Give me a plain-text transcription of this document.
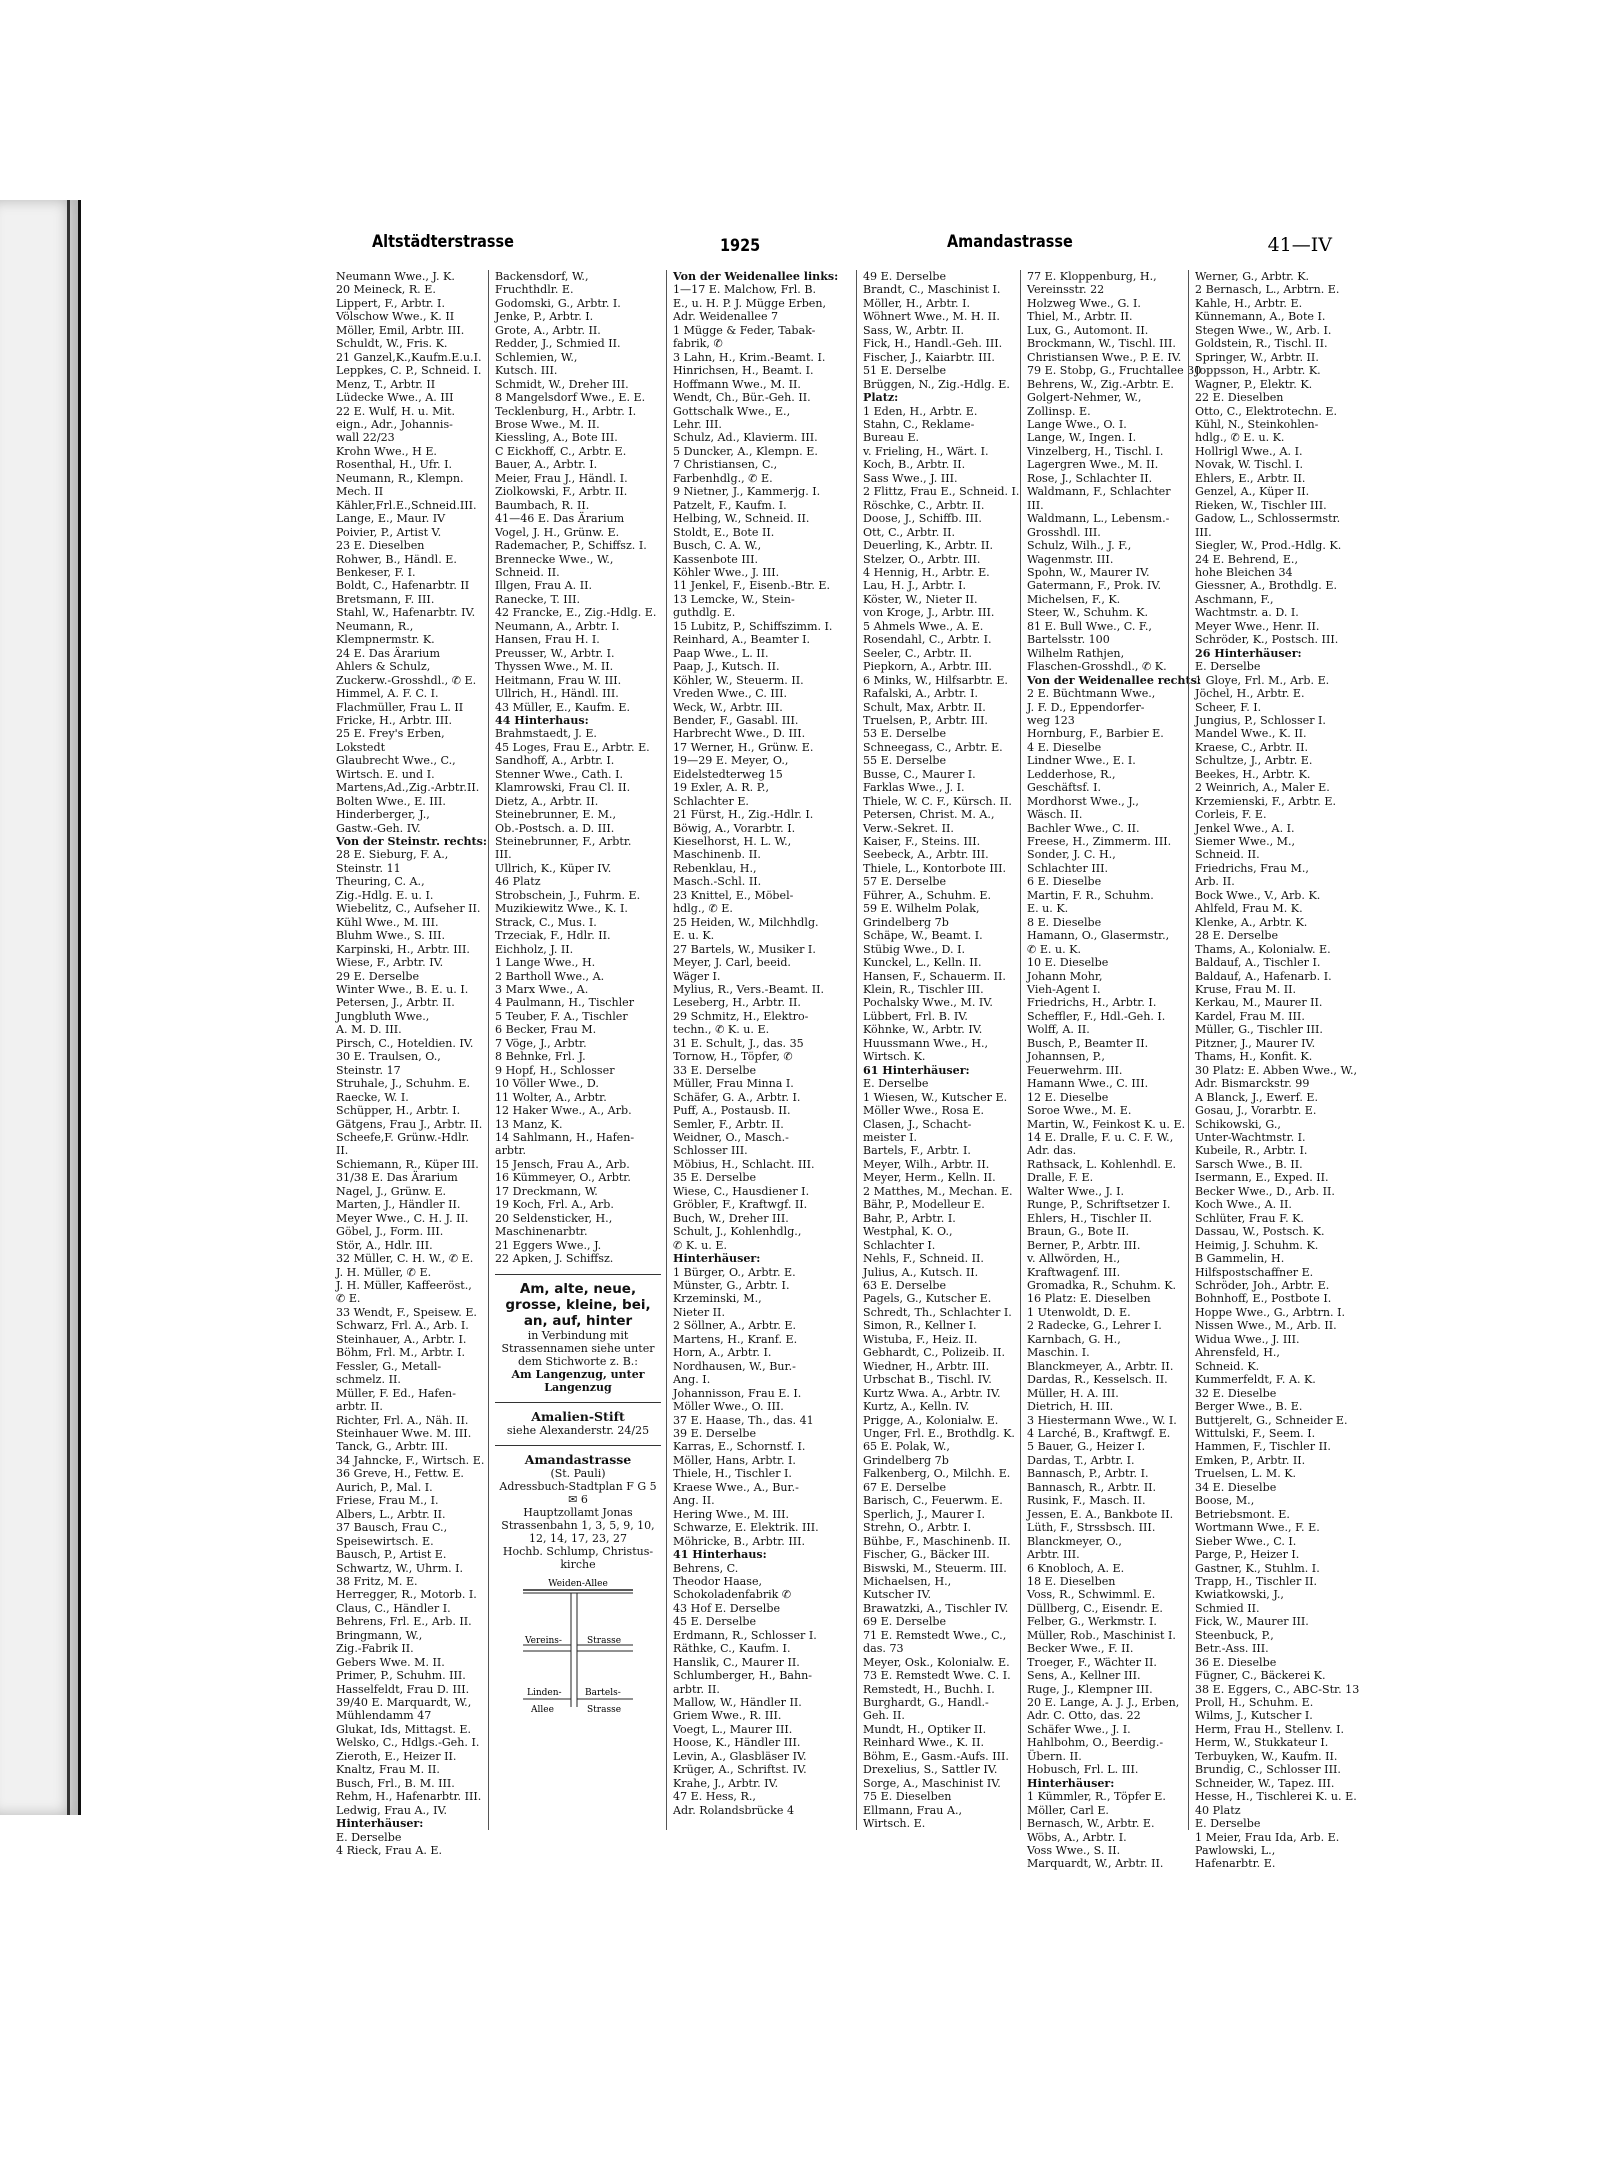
Altstädterstrasse	1925	Amandastrasse	41—IV
Neumann Wwe., J. K.
20 Meineck, R. E.
Lippert, F., Arbtr. I.
Völschow Wwe., K. II
Möller, Emil, Arbtr. III.
Schuldt, W., Fris. K.
21 Ganzel,K.,Kaufm.E.u.I.
Leppkes, C. P., Schneid. I.
Menz, T., Arbtr. II
Lüdecke Wwe., A. III
22 E. Wulf, H. u. Mit.
eign., Adr., Johannis-
wall 22/23
Krohn Wwe., H E.
Rosenthal, H., Ufr. I.
Neumann, R., Klempn.
Mech. II
Kähler,Frl.E.,Schneid.III.
Lange, E., Maur. IV
Poivier, P., Artist V.
23 E. Dieselben
Rohwer, B., Händl. E.
Benkeser, F. I.
Boldt, C., Hafenarbtr. II
Bretsmann, F. III.
Stahl, W., Hafenarbtr. IV.
Neumann, R.,
Klempnermstr. K.
24 E. Das Ärarium
Ahlers & Schulz,
Zuckerw.-Grosshdl., ✆ E.
Himmel, A. F. C. I.
Flachmüller, Frau L. II
Fricke, H., Arbtr. III.
25 E. Frey's Erben,
Lokstedt
Glaubrecht Wwe., C.,
Wirtsch. E. und I.
Martens,Ad.,Zig.-Arbtr.II.
Bolten Wwe., E. III.
Hinderberger, J.,
Gastw.-Geh. IV.
Von der Steinstr. rechts:
28 E. Sieburg, F. A.,
Steinstr. 11
Theuring, C. A.,
Zig.-Hdlg. E. u. I.
Wiebelitz, C., Aufseher II.
Kühl Wwe., M. III.
Bluhm Wwe., S. III.
Karpinski, H., Arbtr. III.
Wiese, F., Arbtr. IV.
29 E. Derselbe
Winter Wwe., B. E. u. I.
Petersen, J., Arbtr. II.
Jungbluth Wwe.,
A. M. D. III.
Pirsch, C., Hoteldien. IV.
30 E. Traulsen, O.,
Steinstr. 17
Struhale, J., Schuhm. E.
Raecke, W. I.
Schüpper, H., Arbtr. I.
Gätgens, Frau J., Arbtr. II.
Scheefe,F. Grünw.-Hdlr.
II.
Schiemann, R., Küper III.
31/38 E. Das Ärarium
Nagel, J., Grünw. E.
Marten, J., Händler II.
Meyer Wwe., C. H. J. II.
Göbel, J., Form. III.
Stör, A., Hdlr. III.
32 Müller, C. H. W., ✆ E.
J. H. Müller, ✆ E.
J. H. Müller, Kaffeeröst.,
✆ E.
33 Wendt, F., Speisew. E.
Schwarz, Frl. A., Arb. I.
Steinhauer, A., Arbtr. I.
Böhm, Frl. M., Arbtr. I.
Fessler, G., Metall-
schmelz. II.
Müller, F. Ed., Hafen-
arbtr. II.
Richter, Frl. A., Näh. II.
Steinhauer Wwe. M. III.
Tanck, G., Arbtr. III.
34 Jahncke, F., Wirtsch. E.
36 Greve, H., Fettw. E.
Aurich, P., Mal. I.
Friese, Frau M., I.
Albers, L., Arbtr. II.
37 Bausch, Frau C.,
Speisewirtsch. E.
Bausch, P., Artist E.
Schwartz, W., Uhrm. I.
38 Fritz, M. E.
Herregger, R., Motorb. I.
Claus, C., Händler I.
Behrens, Frl. E., Arb. II.
Bringmann, W.,
Zig.-Fabrik II.
Gebers Wwe. M. II.
Primer, P., Schuhm. III.
Hasselfeldt, Frau D. III.
39/40 E. Marquardt, W.,
Mühlendamm 47
Glukat, Ids, Mittagst. E.
Welsko, C., Hdlgs.-Geh. I.
Zieroth, E., Heizer II.
Knaltz, Frau M. II.
Busch, Frl., B. M. III.
Rehm, H., Hafenarbtr. III.
Ledwig, Frau A., IV.
Hinterhäuser:
E. Derselbe
4 Rieck, Frau A. E.
Backensdorf, W.,
Fruchthdlr. E.
Godomski, G., Arbtr. I.
Jenke, P., Arbtr. I.
Grote, A., Arbtr. II.
Redder, J., Schmied II.
Schlemien, W.,
Kutsch. III.
Schmidt, W., Dreher III.
8 Mangelsdorf Wwe., E. E.
Tecklenburg, H., Arbtr. I.
Brose Wwe., M. II.
Kiessling, A., Bote III.
C Eickhoff, C., Arbtr. E.
Bauer, A., Arbtr. I.
Meier, Frau J., Händl. I.
Ziolkowski, F., Arbtr. II.
Baumbach, R. II.
41—46 E. Das Ärarium
Vogel, J. H., Grünw. E.
Rademacher, P., Schiffsz. I.
Brennecke Wwe., W.,
Schneid. II.
Illgen, Frau A. II.
Ranecke, T. III.
42 Francke, E., Zig.-Hdlg. E.
Neumann, A., Arbtr. I.
Hansen, Frau H. I.
Preusser, W., Arbtr. I.
Thyssen Wwe., M. II.
Heitmann, Frau W. III.
Ullrich, H., Händl. III.
43 Müller, E., Kaufm. E.
44 Hinterhaus:
Brahmstaedt, J. E.
45 Loges, Frau E., Arbtr. E.
Sandhoff, A., Arbtr. I.
Stenner Wwe., Cath. I.
Klamrowski, Frau Cl. II.
Dietz, A., Arbtr. II.
Steinebrunner, E. M.,
Ob.-Postsch. a. D. III.
Steinebrunner, F., Arbtr.
III.
Ullrich, K., Küper IV.
46 Platz
Strobschein, J., Fuhrm. E.
Muzikiewitz Wwe., K. I.
Strack, C., Mus. I.
Trzeciak, F., Hdlr. II.
Eichholz, J. II.
1 Lange Wwe., H.
2 Bartholl Wwe., A.
3 Marx Wwe., A.
4 Paulmann, H., Tischler
5 Teuber, F. A., Tischler
6 Becker, Frau M.
7 Vöge, J., Arbtr.
8 Behnke, Frl. J.
9 Hopf, H., Schlosser
10 Völler Wwe., D.
11 Wolter, A., Arbtr.
12 Haker Wwe., A., Arb.
13 Manz, K.
14 Sahlmann, H., Hafen-
arbtr.
15 Jensch, Frau A., Arb.
16 Kümmeyer, O., Arbtr.
17 Dreckmann, W.
19 Koch, Frl. A., Arb.
20 Seldensticker, H.,
Maschinenarbtr.
21 Eggers Wwe., J.
22 Apken, J. Schiffsz.
Am, alte, neue, grosse, kleine, bei, an, auf, hinter
in Verbindung mit Strassennamen siehe unter dem Stichworte z. B.:
Am Langenzug, unter Langenzug
Amalien-Stift
siehe Alexanderstr. 24/25
Amandastrasse
(St. Pauli)
Adressbuch-Stadtplan F G 5
✉ 6
Hauptzollamt Jonas
Strassenbahn 1, 3, 5, 9, 10,
12, 14, 17, 23, 27
Hochb. Schlump, Christus-
kirche
Weiden-Allee
Vereins-	Strasse
Linden-
Allee
Bartels-
Strasse
Von der Weidenallee links:
1—17 E. Malchow, Frl. B.
E., u. H. P. J. Mügge Erben,
Adr. Weidenallee 7
1 Mügge & Feder, Tabak-
fabrik, ✆
3 Lahn, H., Krim.-Beamt. I.
Hinrichsen, H., Beamt. I.
Hoffmann Wwe., M. II.
Wendt, Ch., Bür.-Geh. II.
Gottschalk Wwe., E.,
Lehr. III.
Schulz, Ad., Klavierm. III.
5 Duncker, A., Klempn. E.
7 Christiansen, C.,
Farbenhdlg., ✆ E.
9 Nietner, J., Kammerjg. I.
Patzelt, F., Kaufm. I.
Helbing, W., Schneid. II.
Stoldt, E., Bote II.
Busch, C. A. W.,
Kassenbote III.
Köhler Wwe., J. III.
11 Jenkel, F., Eisenb.-Btr. E.
13 Lemcke, W., Stein-
guthdlg. E.
15 Lubitz, P., Schiffszimm. I.
Reinhard, A., Beamter I.
Paap Wwe., L. II.
Paap, J., Kutsch. II.
Köhler, W., Steuerm. II.
Vreden Wwe., C. III.
Weck, W., Arbtr. III.
Bender, F., Gasabl. III.
Harbrecht Wwe., D. III.
17 Werner, H., Grünw. E.
19—29 E. Meyer, O.,
Eidelstedterweg 15
19 Exler, A. R. P.,
Schlachter E.
21 Fürst, H., Zig.-Hdlr. I.
Böwig, A., Vorarbtr. I.
Kieselhorst, H. L. W.,
Maschinenb. II.
Rebenklau, H.,
Masch.-Schl. II.
23 Knittel, E., Möbel-
hdlg., ✆ E.
25 Heiden, W., Milchhdlg.
E. u. K.
27 Bartels, W., Musiker I.
Meyer, J. Carl, beeid.
Wäger I.
Mylius, R., Vers.-Beamt. II.
Leseberg, H., Arbtr. II.
29 Schmitz, H., Elektro-
techn., ✆ K. u. E.
31 E. Schult, J., das. 35
Tornow, H., Töpfer, ✆
33 E. Derselbe
Müller, Frau Minna I.
Schäfer, G. A., Arbtr. I.
Puff, A., Postausb. II.
Semler, F., Arbtr. II.
Weidner, O., Masch.-
Schlosser III.
Möbius, H., Schlacht. III.
35 E. Derselbe
Wiese, C., Hausdiener I.
Gröbler, F., Kraftwgf. II.
Buch, W., Dreher III.
Schult, J., Kohlenhdlg.,
✆ K. u. E.
Hinterhäuser:
1 Bürger, O., Arbtr. E.
Münster, G., Arbtr. I.
Krzeminski, M.,
Nieter II.
2 Söllner, A., Arbtr. E.
Martens, H., Kranf. E.
Horn, A., Arbtr. I.
Nordhausen, W., Bur.-
Ang. I.
Johannisson, Frau E. I.
Möller Wwe., O. III.
37 E. Haase, Th., das. 41
39 E. Derselbe
Karras, E., Schornstf. I.
Möller, Hans, Arbtr. I.
Thiele, H., Tischler I.
Kraese Wwe., A., Bur.-
Ang. II.
Hering Wwe., M. III.
Schwarze, E. Elektrik. III.
Möhricke, B., Arbtr. III.
41 Hinterhaus:
Behrens, C.
Theodor Haase,
Schokoladenfabrik ✆
43 Hof E. Derselbe
45 E. Derselbe
Erdmann, R., Schlosser I.
Räthke, C., Kaufm. I.
Hanslik, C., Maurer II.
Schlumberger, H., Bahn-
arbtr. II.
Mallow, W., Händler II.
Griem Wwe., R. III.
Voegt, L., Maurer III.
Hoose, K., Händler III.
Levin, A., Glasbläser IV.
Krüger, A., Schriftst. IV.
Krahe, J., Arbtr. IV.
47 E. Hess, R.,
Adr. Rolandsbrücke 4
49 E. Derselbe
Brandt, C., Maschinist I.
Möller, H., Arbtr. I.
Wöhnert Wwe., M. H. II.
Sass, W., Arbtr. II.
Fick, H., Handl.-Geh. III.
Fischer, J., Kaiarbtr. III.
51 E. Derselbe
Brüggen, N., Zig.-Hdlg. E.
Platz:
1 Eden, H., Arbtr. E.
Stahn, C., Reklame-
Bureau E.
v. Frieling, H., Wärt. I.
Koch, B., Arbtr. II.
Sass Wwe., J. III.
2 Flittz, Frau E., Schneid. I.
Röschke, C., Arbtr. II.
Doose, J., Schiffb. III.
Ott, C., Arbtr. II.
Deuerling, K., Arbtr. II.
Stelzer, O., Arbtr. III.
4 Hennig, H., Arbtr. E.
Lau, H. J., Arbtr. I.
Köster, W., Nieter II.
von Kroge, J., Arbtr. III.
5 Ahmels Wwe., A. E.
Rosendahl, C., Arbtr. I.
Seeler, C., Arbtr. II.
Piepkorn, A., Arbtr. III.
6 Minks, W., Hilfsarbtr. E.
Rafalski, A., Arbtr. I.
Schult, Max, Arbtr. II.
Truelsen, P., Arbtr. III.
53 E. Derselbe
Schneegass, C., Arbtr. E.
55 E. Derselbe
Busse, C., Maurer I.
Farklas Wwe., J. I.
Thiele, W. C. F., Kürsch. II.
Petersen, Christ. M. A.,
Verw.-Sekret. II.
Kaiser, F., Steins. III.
Seebeck, A., Arbtr. III.
Thiele, L., Kontorbote III.
57 E. Derselbe
Führer, A., Schuhm. E.
59 E. Wilhelm Polak,
Grindelberg 7b
Schäpe, W., Beamt. I.
Stübig Wwe., D. I.
Kunckel, L., Kelln. II.
Hansen, F., Schauerm. II.
Klein, R., Tischler III.
Pochalsky Wwe., M. IV.
Lübbert, Frl. B. IV.
Köhnke, W., Arbtr. IV.
Huussmann Wwe., H.,
Wirtsch. K.
61 Hinterhäuser:
E. Derselbe
1 Wiesen, W., Kutscher E.
Möller Wwe., Rosa E.
Clasen, J., Schacht-
meister I.
Bartels, F., Arbtr. I.
Meyer, Wilh., Arbtr. II.
Meyer, Herm., Kelln. II.
2 Matthes, M., Mechan. E.
Bähr, P., Modelleur E.
Bahr, P., Arbtr. I.
Westphal, K. O.,
Schlachter I.
Nehls, F., Schneid. II.
Julius, A., Kutsch. II.
63 E. Derselbe
Pagels, G., Kutscher E.
Schredt, Th., Schlachter I.
Simon, R., Kellner I.
Wistuba, F., Heiz. II.
Gebhardt, C., Polizeib. II.
Wiedner, H., Arbtr. III.
Urbschat B., Tischl. IV.
Kurtz Wwa. A., Arbtr. IV.
Kurtz, A., Kelln. IV.
Prigge, A., Kolonialw. E.
Unger, Frl. E., Brothdlg. K.
65 E. Polak, W.,
Grindelberg 7b
Falkenberg, O., Milchh. E.
67 E. Derselbe
Barisch, C., Feuerwm. E.
Sperlich, J., Maurer I.
Strehn, O., Arbtr. I.
Bühbe, F., Maschinenb. II.
Fischer, G., Bäcker III.
Biswski, M., Steuerm. III.
Michaelsen, H.,
Kutscher IV.
Brawatzki, A., Tischler IV.
69 E. Derselbe
71 E. Remstedt Wwe., C.,
das. 73
Meyer, Osk., Kolonialw. E.
73 E. Remstedt Wwe. C. I.
Remstedt, H., Buchh. I.
Burghardt, G., Handl.-
Geh. II.
Mundt, H., Optiker II.
Reinhard Wwe., K. II.
Böhm, E., Gasm.-Aufs. III.
Drexelius, S., Sattler IV.
Sorge, A., Maschinist IV.
75 E. Dieselben
Ellmann, Frau A.,
Wirtsch. E.
77 E. Kloppenburg, H.,
Vereinsstr. 22
Holzweg Wwe., G. I.
Thiel, M., Arbtr. II.
Lux, G., Automont. II.
Brockmann, W., Tischl. III.
Christiansen Wwe., P. E. IV.
79 E. Stobp, G., Fruchtallee 30
Behrens, W., Zig.-Arbtr. E.
Golgert-Nehmer, W.,
Zollinsp. E.
Lange Wwe., O. I.
Lange, W., Ingen. I.
Vinzelberg, H., Tischl. I.
Lagergren Wwe., M. II.
Rose, J., Schlachter II.
Waldmann, F., Schlachter
III.
Waldmann, L., Lebensm.-
Grosshdl. III.
Schulz, Wilh., J. F.,
Wagenmstr. III.
Spohn, W., Maurer IV.
Gatermann, F., Prok. IV.
Michelsen, F., K.
Steer, W., Schuhm. K.
81 E. Bull Wwe., C. F.,
Bartelsstr. 100
Wilhelm Rathjen,
Flaschen-Grosshdl., ✆ K.
Von der Weidenallee rechts:
2 E. Büchtmann Wwe.,
J. F. D., Eppendorfer-
weg 123
Hornburg, F., Barbier E.
4 E. Dieselbe
Lindner Wwe., E. I.
Ledderhose, R.,
Geschäftsf. I.
Mordhorst Wwe., J.,
Wäsch. II.
Bachler Wwe., C. II.
Freese, H., Zimmerm. III.
Sonder, J. C. H.,
Schlachter III.
6 E. Dieselbe
Martin, F. R., Schuhm.
E. u. K.
8 E. Dieselbe
Hamann, O., Glasermstr.,
✆ E. u. K.
10 E. Dieselbe
Johann Mohr,
Vieh-Agent I.
Friedrichs, H., Arbtr. I.
Scheffler, F., Hdl.-Geh. I.
Wolff, A. II.
Busch, P., Beamter II.
Johannsen, P.,
Feuerwehrm. III.
Hamann Wwe., C. III.
12 E. Dieselbe
Soroe Wwe., M. E.
Martin, W., Feinkost K. u. E.
14 E. Dralle, F. u. C. F. W.,
Adr. das.
Rathsack, L. Kohlenhdl. E.
Dralle, F. E.
Walter Wwe., J. I.
Runge, P., Schriftsetzer I.
Ehlers, H., Tischler II.
Braun, G., Bote II.
Berner, P., Arbtr. III.
v. Allwörden, H.,
Kraftwagenf. III.
Gromadka, R., Schuhm. K.
16 Platz: E. Dieselben
1 Utenwoldt, D. E.
2 Radecke, G., Lehrer I.
Karnbach, G. H.,
Maschin. I.
Blanckmeyer, A., Arbtr. II.
Dardas, R., Kesselsch. II.
Müller, H. A. III.
Dietrich, H. III.
3 Hiestermann Wwe., W. I.
4 Larché, B., Kraftwgf. E.
5 Bauer, G., Heizer I.
Dardas, T., Arbtr. I.
Bannasch, P., Arbtr. I.
Bannasch, R., Arbtr. II.
Rusink, F., Masch. II.
Jessen, E. A., Bankbote II.
Lüth, F., Strssbsch. III.
Blanckmeyer, O.,
Arbtr. III.
6 Knobloch, A. E.
18 E. Dieselben
Voss, R., Schwimml. E.
Düllberg, C., Eisendr. E.
Felber, G., Werkmstr. I.
Müller, Rob., Maschinist I.
Becker Wwe., F. II.
Troeger, F., Wächter II.
Sens, A., Kellner III.
Ruge, J., Klempner III.
20 E. Lange, A. J. J., Erben,
Adr. C. Otto, das. 22
Schäfer Wwe., J. I.
Hahlbohm, O., Beerdig.-
Übern. II.
Hobusch, Frl. L. III.
Hinterhäuser:
1 Kümmler, R., Töpfer E.
Möller, Carl E.
Bernasch, W., Arbtr. E.
Wöbs, A., Arbtr. I.
Voss Wwe., S. II.
Marquardt, W., Arbtr. II.
Werner, G., Arbtr. K.
2 Bernasch, L., Arbtrn. E.
Kahle, H., Arbtr. E.
Künnemann, A., Bote I.
Stegen Wwe., W., Arb. I.
Goldstein, R., Tischl. II.
Springer, W., Arbtr. II.
Joppsson, H., Arbtr. K.
Wagner, P., Elektr. K.
22 E. Dieselben
Otto, C., Elektrotechn. E.
Kühl, N., Steinkohlen-
hdlg., ✆ E. u. K.
Hollrigl Wwe., A. I.
Novak, W. Tischl. I.
Ehlers, E., Arbtr. II.
Genzel, A., Küper II.
Rieken, W., Tischler III.
Gadow, L., Schlossermstr.
III.
Siegler, W., Prod.-Hdlg. K.
24 E. Behrend, E.,
hohe Bleichen 34
Giessner, A., Brothdlg. E.
Aschmann, F.,
Wachtmstr. a. D. I.
Meyer Wwe., Henr. II.
Schröder, K., Postsch. III.
26 Hinterhäuser:
E. Derselbe
1 Gloye, Frl. M., Arb. E.
Jöchel, H., Arbtr. E.
Scheer, F. I.
Jungius, P., Schlosser I.
Mandel Wwe., K. II.
Kraese, C., Arbtr. II.
Schultze, J., Arbtr. E.
Beekes, H., Arbtr. K.
2 Weinrich, A., Maler E.
Krzemienski, F., Arbtr. E.
Corleis, F. E.
Jenkel Wwe., A. I.
Siemer Wwe., M.,
Schneid. II.
Friedrichs, Frau M.,
Arb. II.
Bock Wwe., V., Arb. K.
Ahlfeld, Frau M. K.
Klenke, A., Arbtr. K.
28 E. Derselbe
Thams, A., Kolonialw. E.
Baldauf, A., Tischler I.
Baldauf, A., Hafenarb. I.
Kruse, Frau M. II.
Kerkau, M., Maurer II.
Kardel, Frau M. III.
Müller, G., Tischler III.
Pitzner, J., Maurer IV.
Thams, H., Konfit. K.
30 Platz: E. Abben Wwe., W.,
Adr. Bismarckstr. 99
A Blanck, J., Ewerf. E.
Gosau, J., Vorarbtr. E.
Schikowski, G.,
Unter-Wachtmstr. I.
Kubeile, R., Arbtr. I.
Sarsch Wwe., B. II.
Isermann, E., Exped. II.
Becker Wwe., D., Arb. II.
Koch Wwe., A. II.
Schlüter, Frau F. K.
Dassau, W., Postsch. K.
Heimig, J. Schuhm. K.
B Gammelin, H.
Hilfspostschaffner E.
Schröder, Joh., Arbtr. E.
Bohnhoff, E., Postbote I.
Hoppe Wwe., G., Arbtrn. I.
Nissen Wwe., M., Arb. II.
Widua Wwe., J. III.
Ahrensfeld, H.,
Schneid. K.
Kummerfeldt, F. A. K.
32 E. Dieselbe
Berger Wwe., B. E.
Buttjerelt, G., Schneider E.
Wittulski, F., Seem. I.
Hammen, F., Tischler II.
Emken, P., Arbtr. II.
Truelsen, L. M. K.
34 E. Dieselbe
Boose, M.,
Betriebsmont. E.
Wortmann Wwe., F. E.
Sieber Wwe., C. I.
Parge, P., Heizer I.
Gastner, K., Stuhlm. I.
Trapp, H., Tischler II.
Kwiatkowski, J.,
Schmied II.
Fick, W., Maurer III.
Steenbuck, P.,
Betr.-Ass. III.
36 E. Dieselbe
Fügner, C., Bäckerei K.
38 E. Eggers, C., ABC-Str. 13
Proll, H., Schuhm. E.
Wilms, J., Kutscher I.
Herm, Frau H., Stellenv. I.
Herm, W., Stukkateur I.
Terbuyken, W., Kaufm. II.
Brundig, C., Schlosser III.
Schneider, W., Tapez. III.
Hesse, H., Tischlerei K. u. E.
40 Platz
E. Derselbe
1 Meier, Frau Ida, Arb. E.
Pawlowski, L.,
Hafenarbtr. E.
